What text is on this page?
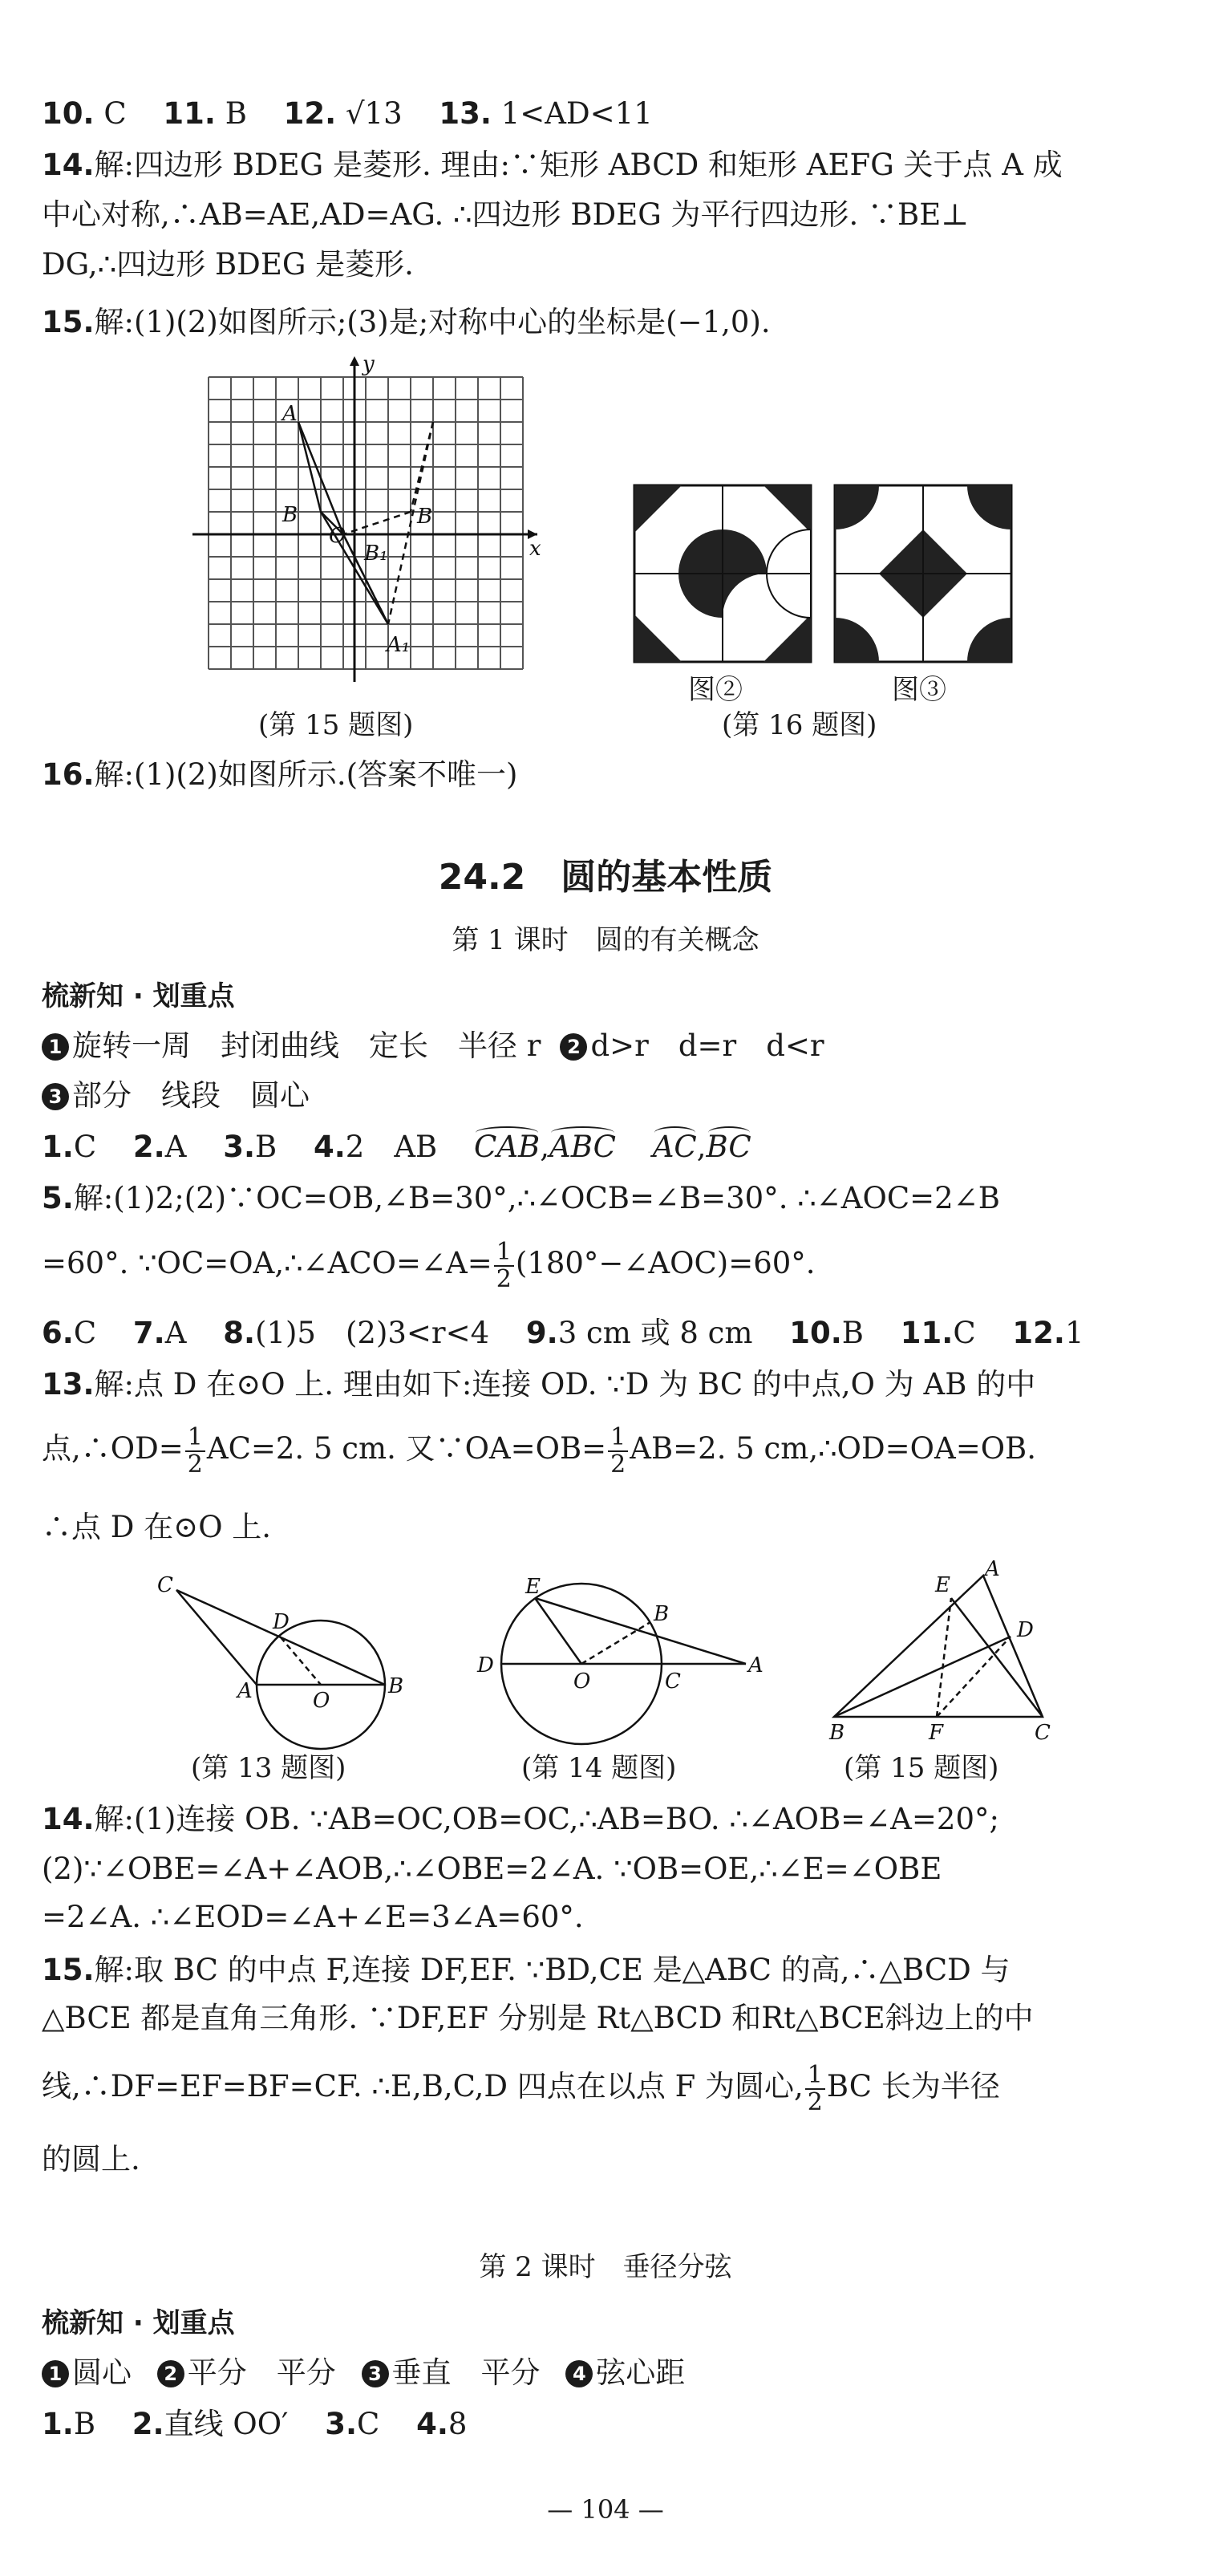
10. C 11. B 12. √13 13. 1<AD<11
14.解:四边形 BDEG 是菱形. 理由:∵矩形 ABCD 和矩形 AEFG 关于点 A 成
中心对称,∴AB=AE,AD=AG. ∴四边形 BDEG 为平行四边形. ∵BE⊥
DG,∴四边形 BDEG 是菱形.
15.解:(1)(2)如图所示;(3)是;对称中心的坐标是(−1,0).
y
x
A
B
O
B₁
A₁
B
(第 15 题图)
图②	图③
(第 16 题图)
16.解:(1)(2)如图所示.(答案不唯一)
24.2　圆的基本性质
第 1 课时　圆的有关概念
梳新知 · 划重点
1 旋转一周　封闭曲线　定长　半径 r 2 d>r　d=r　d<r
3 部分　线段　圆心
1.C 2.A 3.B 4.2　AB CAB,ABC AC,BC
5.解:(1)2;(2)∵OC=OB,∠B=30°,∴∠OCB=∠B=30°. ∴∠AOC=2∠B
=60°. ∵OC=OA,∴∠ACO=∠A= $\frac{1}{2}$ (180°−∠AOC)=60°.
6.C 7.A 8.(1)5　(2)3<r<4 9.3 cm 或 8 cm 10.B 11.C 12.1
13.解:点 D 在⊙O 上. 理由如下:连接 OD. ∵D 为 BC 的中点,O 为 AB 的中
点,∴OD= $\frac{1}{2} AC=2$. 5 cm. 又∵OA=OB= $\frac{1}{2} AB=2$. 5 cm,∴OD=OA=OB.
∴点 D 在⊙O 上.
C
D
A	O
B
(第 13 题图)
E
B
D
O	C
A
(第 14 题图)
E
A
D
B	F	C
(第 15 题图)
14.解:(1)连接 OB. ∵AB=OC,OB=OC,∴AB=BO. ∴∠AOB=∠A=20°;
(2)∵∠OBE=∠A+∠AOB,∴∠OBE=2∠A. ∵OB=OE,∴∠E=∠OBE
=2∠A. ∴∠EOD=∠A+∠E=3∠A=60°.
15.解:取 BC 的中点 F,连接 DF,EF. ∵BD,CE 是△ABC 的高,∴△BCD 与
△BCE 都是直角三角形. ∵DF,EF 分别是 Rt△BCD 和Rt△BCE斜边上的中
线,∴DF=EF=BF=CF. ∴E,B,C,D 四点在以点 F 为圆心, $\frac{1}{2}$ BC 长为半径
的圆上.
第 2 课时　垂径分弦
梳新知 · 划重点
1 圆心 2 平分　平分 3 垂直　平分 4 弦心距
1.B 2.直线 OO′ 3.C 4.8
— 104 —
